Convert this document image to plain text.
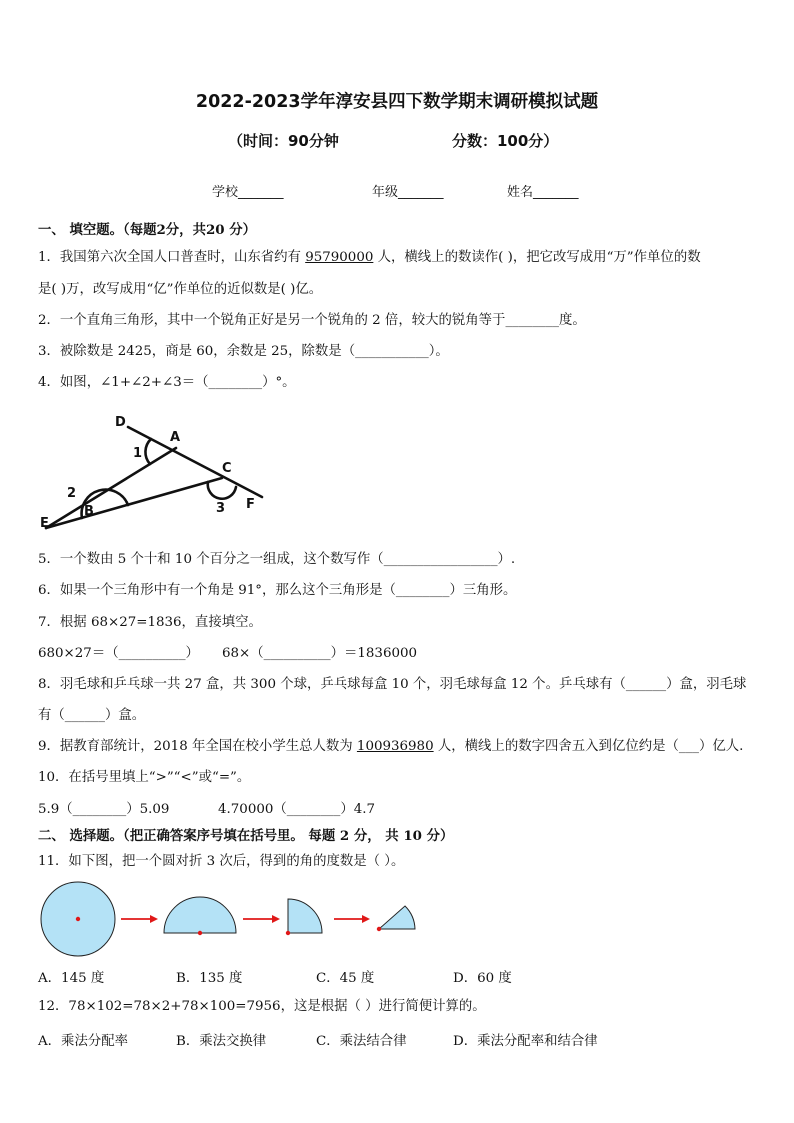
2022-2023学年淳安县四下数学期末调研模拟试题
（时间：90分钟	分数：100分）
学校_______	年级_______	姓名_______
一、 填空题。（每题2分，共20 分）
1．我国第六次全国人口普查时，山东省约有 95790000 人，横线上的数读作( )，把它改写成用“万”作单位的数
是( )万，改写成用“亿”作单位的近似数是( )亿。
2．一个直角三角形，其中一个锐角正好是另一个锐角的 2 倍，较大的锐角等于________度。
3．被除数是 2425，商是 60，余数是 25，除数是（___________）。
4．如图，∠1+∠2+∠3＝（________）°。
D
A
C
B
E
F
1
2
3
5．一个数由 5 个十和 10 个百分之一组成，这个数写作（_________________）.
6．如果一个三角形中有一个角是 91°，那么这个三角形是（________）三角形。
7．根据 68×27=1836，直接填空。
680×27＝（__________） 68×（__________）＝1836000
8．羽毛球和乒乓球一共 27 盒，共 300 个球，乒乓球每盒 10 个，羽毛球每盒 12 个。乒乓球有（______）盒，羽毛球
有（______）盒。
9．据教育部统计，2018 年全国在校小学生总人数为 100936980 人，横线上的数字四舍五入到亿位约是（___）亿人.
10．在括号里填上“>”“<”或“=”。
5.9（________）5.09	4.70000（________）4.7
二、 选择题。（把正确答案序号填在括号里。 每题 2 分， 共 10 分）
11．如下图，把一个圆对折 3 次后，得到的角的度数是（ ）。
A．145 度	B．135 度	C．45 度	D．60 度
12．78×102=78×2+78×100=7956，这是根据（ ）进行简便计算的。
A．乘法分配率	B．乘法交换律	C．乘法结合律	D．乘法分配率和结合律
